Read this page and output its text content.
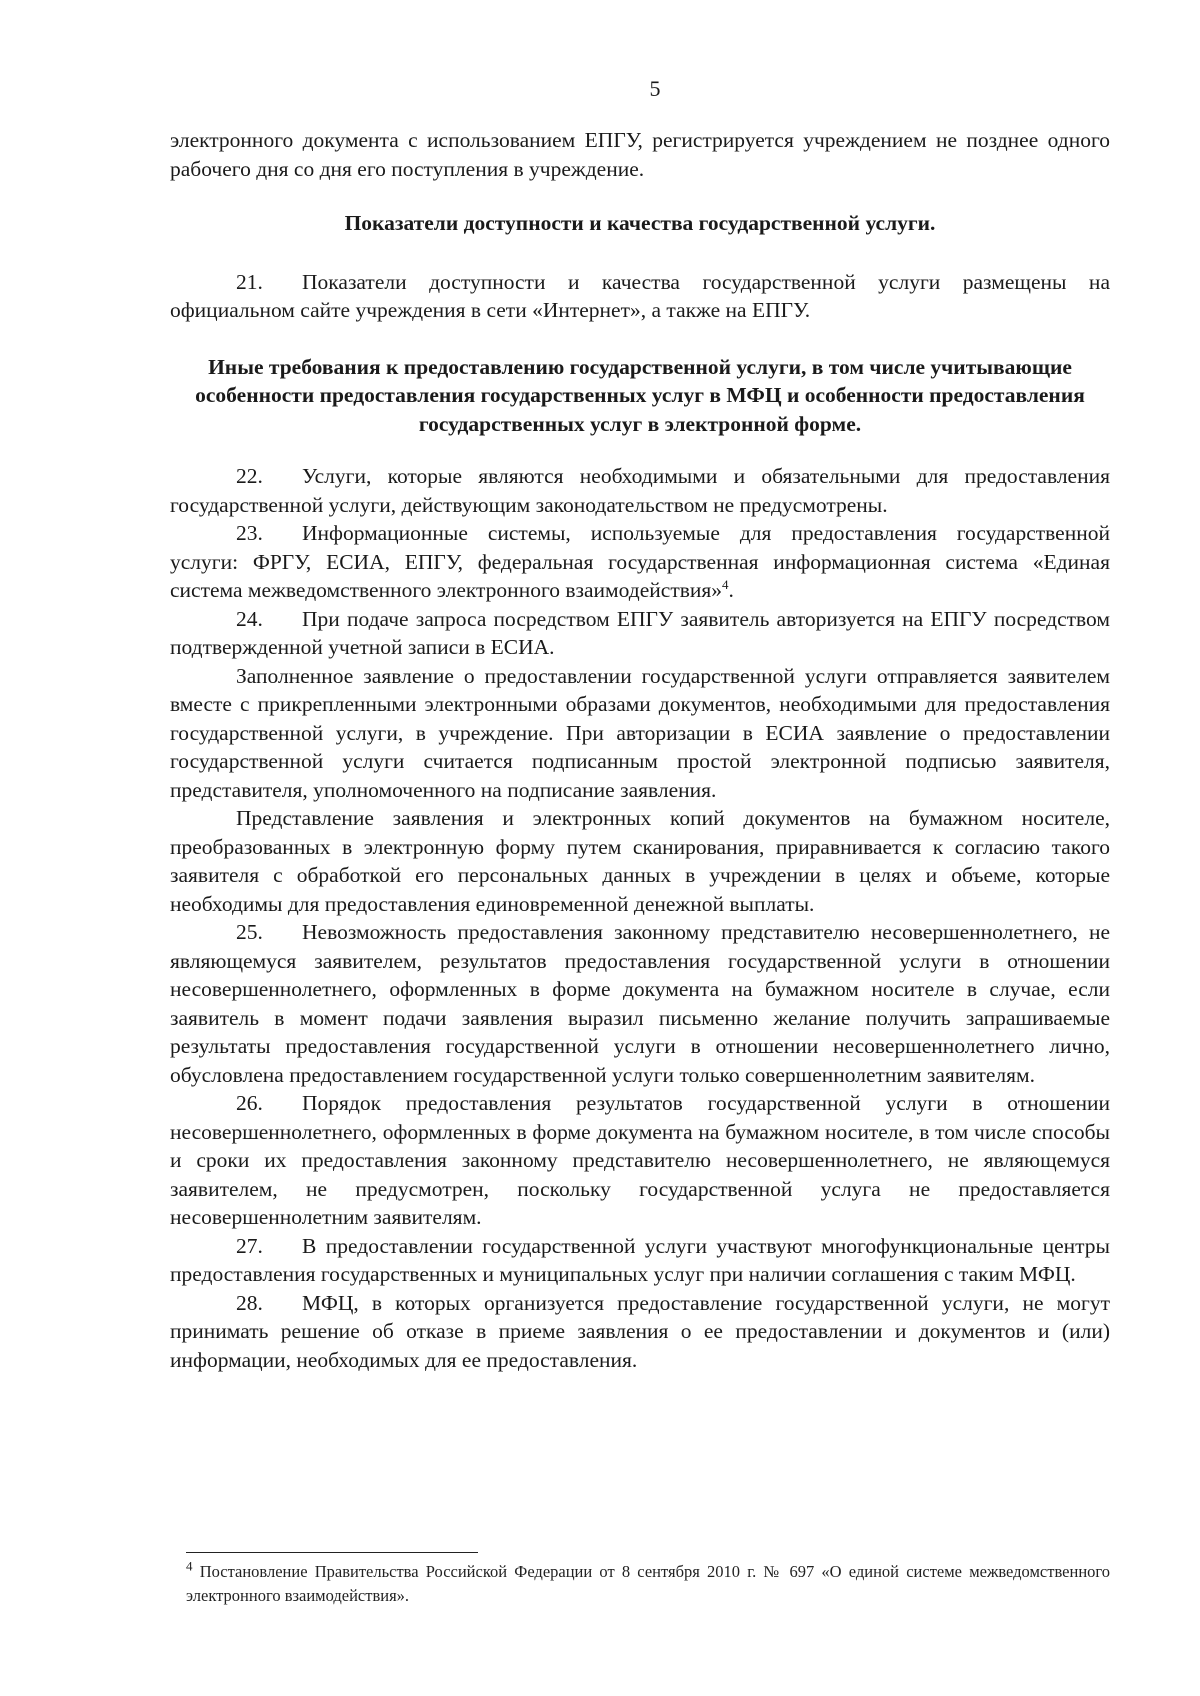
5

электронного документа с использованием ЕПГУ, регистрируется учреждением не позднее одного рабочего дня со дня его поступления в учреждение.

Показатели доступности и качества государственной услуги.

21. Показатели доступности и качества государственной услуги размещены на официальном сайте учреждения в сети «Интернет», а также на ЕПГУ.

Иные требования к предоставлению государственной услуги, в том числе учитывающие особенности предоставления государственных услуг в МФЦ и особенности предоставления государственных услуг в электронной форме.

22. Услуги, которые являются необходимыми и обязательными для предоставления государственной услуги, действующим законодательством не предусмотрены.

23. Информационные системы, используемые для предоставления государственной услуги: ФРГУ, ЕСИА, ЕПГУ, федеральная государственная информационная система «Единая система межведомственного электронного взаимодействия»$^4$.

24. При подаче запроса посредством ЕПГУ заявитель авторизуется на ЕПГУ посредством подтвержденной учетной записи в ЕСИА.

Заполненное заявление о предоставлении государственной услуги отправляется заявителем вместе с прикрепленными электронными образами документов, необходимыми для предоставления государственной услуги, в учреждение. При авторизации в ЕСИА заявление о предоставлении государственной услуги считается подписанным простой электронной подписью заявителя, представителя, уполномоченного на подписание заявления.

Представление заявления и электронных копий документов на бумажном носителе, преобразованных в электронную форму путем сканирования, приравнивается к согласию такого заявителя с обработкой его персональных данных в учреждении в целях и объеме, которые необходимы для предоставления единовременной денежной выплаты.

25. Невозможность предоставления законному представителю несовершеннолетнего, не являющемуся заявителем, результатов предоставления государственной услуги в отношении несовершеннолетнего, оформленных в форме документа на бумажном носителе в случае, если заявитель в момент подачи заявления выразил письменно желание получить запрашиваемые результаты предоставления государственной услуги в отношении несовершеннолетнего лично, обусловлена предоставлением государственной услуги только совершеннолетним заявителям.

26. Порядок предоставления результатов государственной услуги в отношении несовершеннолетнего, оформленных в форме документа на бумажном носителе, в том числе способы и сроки их предоставления законному представителю несовершеннолетнего, не являющемуся заявителем, не предусмотрен, поскольку государственной услуга не предоставляется несовершеннолетним заявителям.

27. В предоставлении государственной услуги участвуют многофункциональные центры предоставления государственных и муниципальных услуг при наличии соглашения с таким МФЦ.

28. МФЦ, в которых организуется предоставление государственной услуги, не могут принимать решение об отказе в приеме заявления о ее предоставлении и документов и (или) информации, необходимых для ее предоставления.

$^4$ Постановление Правительства Российской Федерации от 8 сентября 2010 г. № 697 «О единой системе межведомственного электронного взаимодействия».
